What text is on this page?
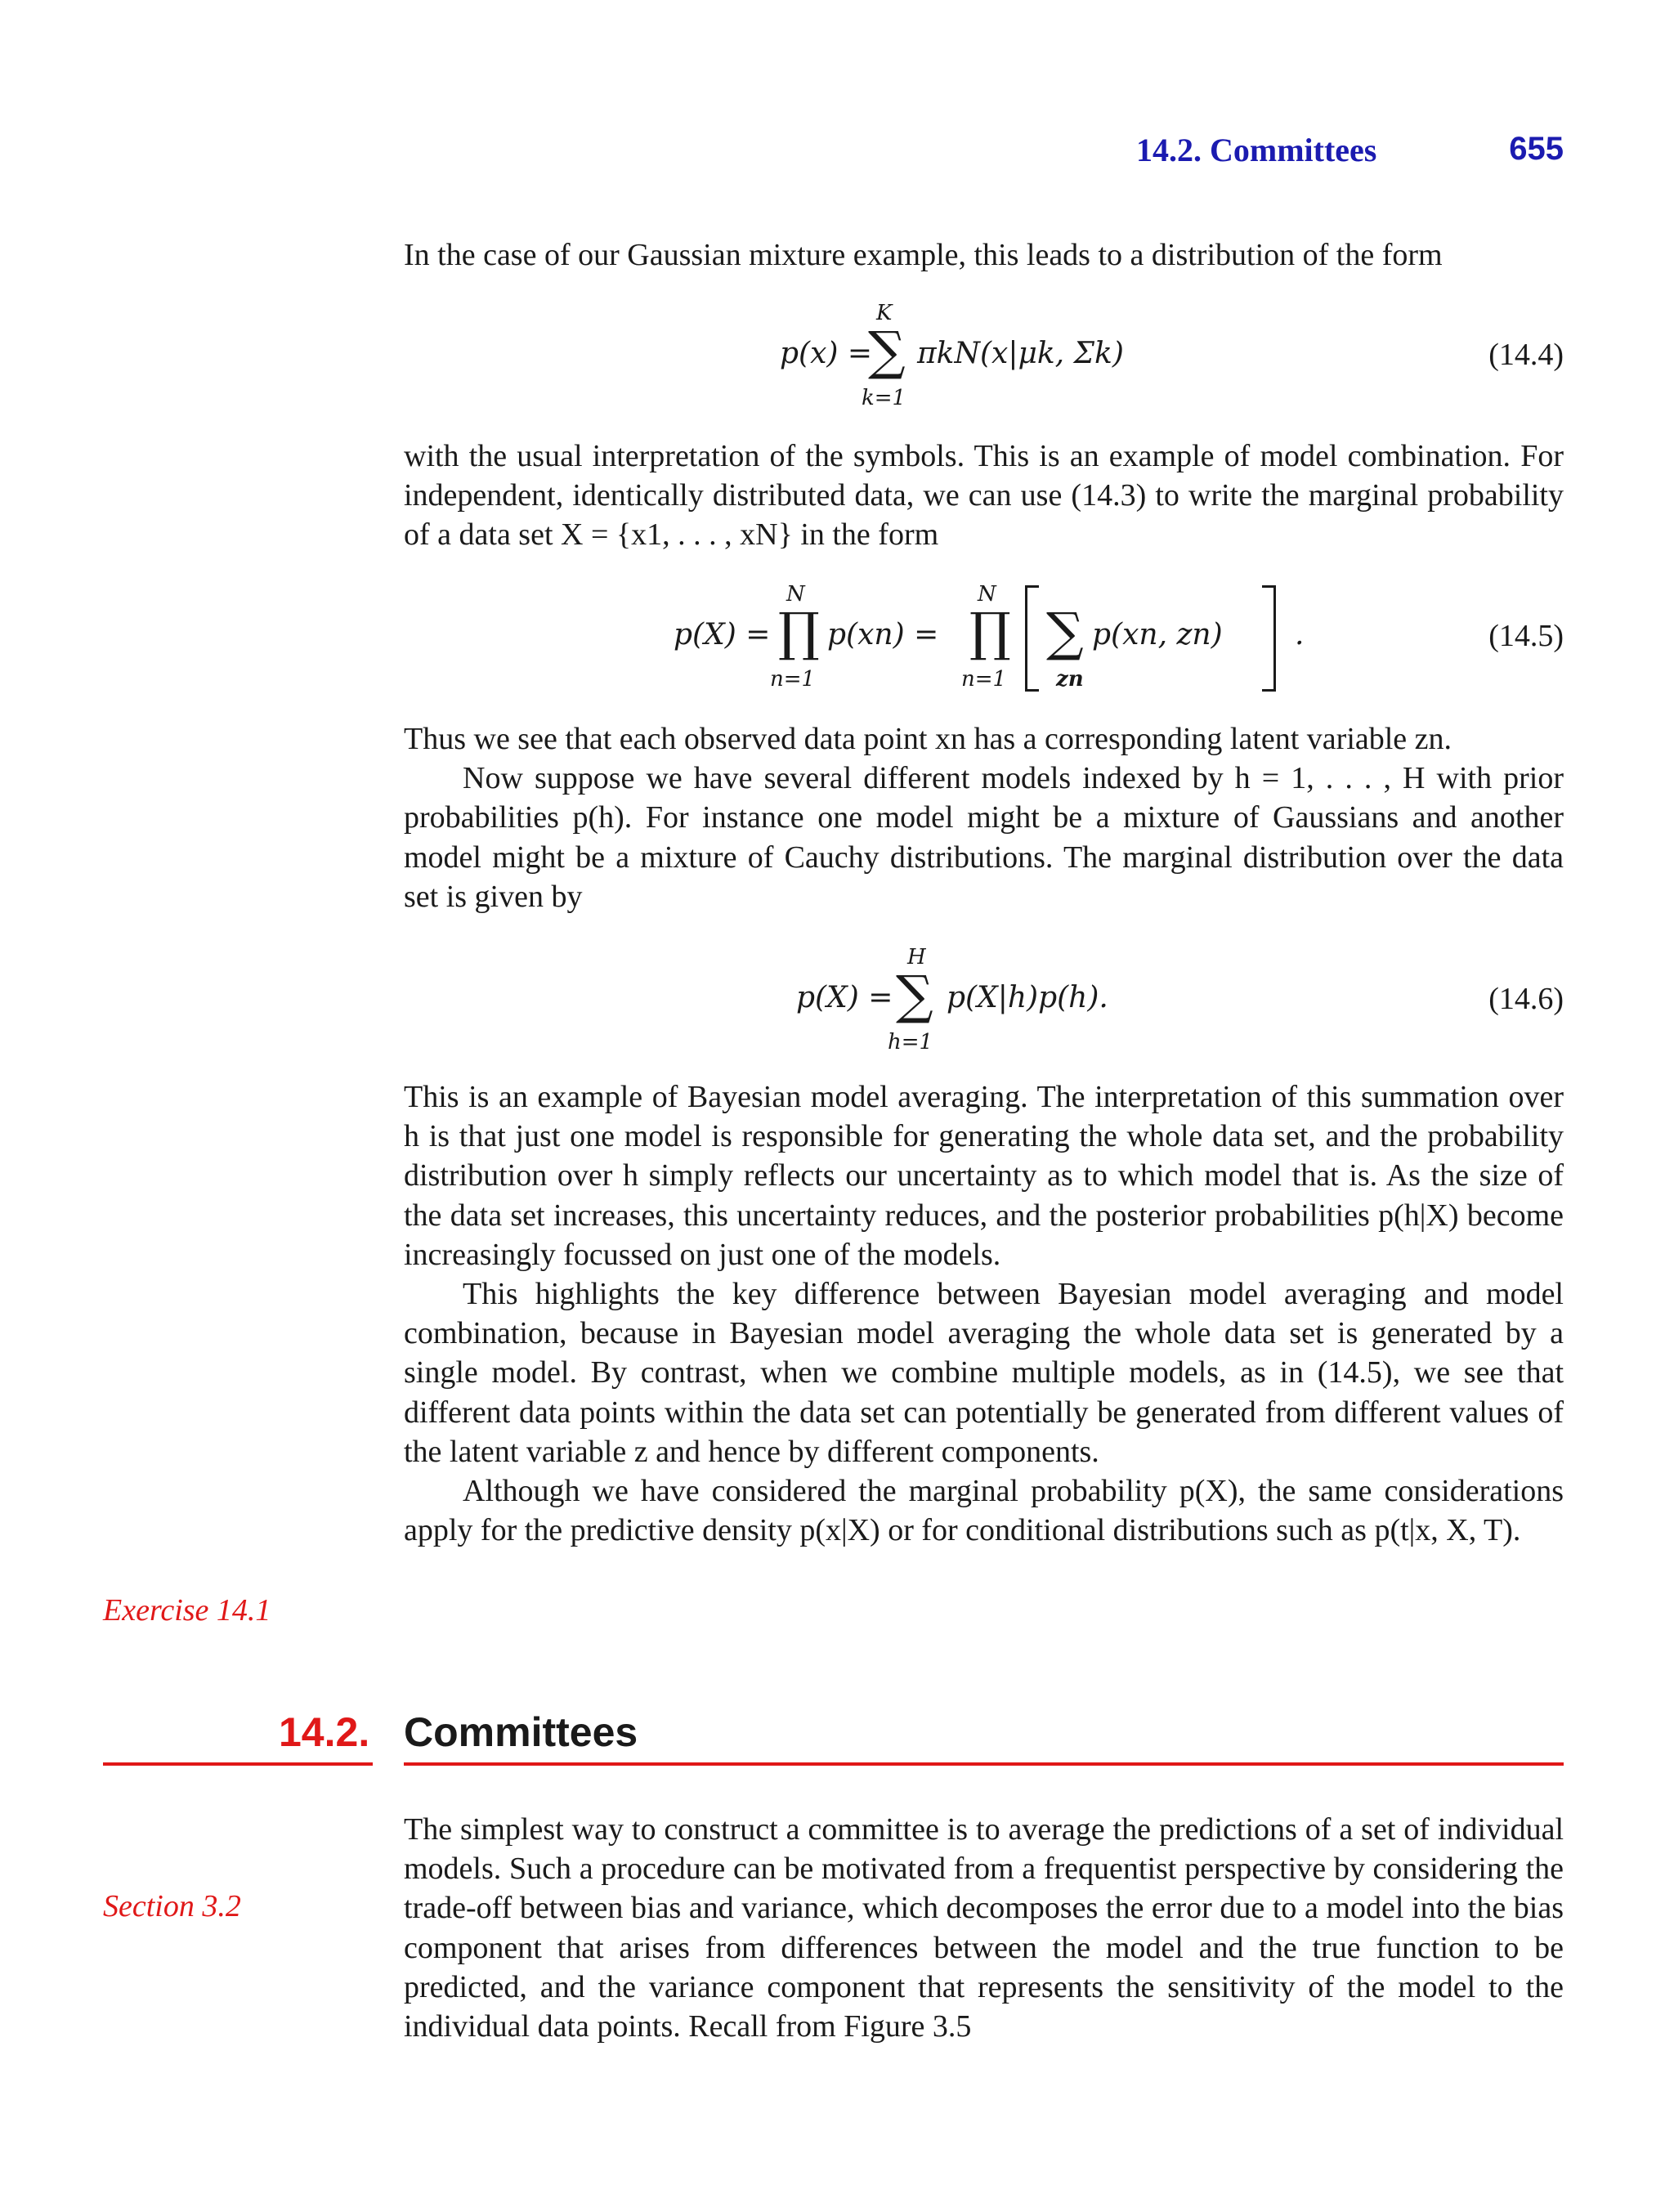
14.2. Committees	655

In the case of our Gaussian mixture example, this leads to a distribution of the form

p(x) =
K
∑
k=1
πkN(x|μk, Σk)	(14.4)

with the usual interpretation of the symbols. This is an example of model combination. For independent, identically distributed data, we can use (14.3) to write the marginal probability of a data set X = {x1, . . . , xN} in the form

p(X) =
N
∏
n=1
p(xn) =
N
∏
n=1
∑
zn
p(xn, zn) .	(14.5)

Thus we see that each observed data point xn has a corresponding latent variable zn.

Now suppose we have several different models indexed by h = 1, . . . , H with prior probabilities p(h). For instance one model might be a mixture of Gaussians and another model might be a mixture of Cauchy distributions. The marginal distribution over the data set is given by

p(X) =
H
∑
h=1
p(X|h)p(h).	(14.6)

This is an example of Bayesian model averaging. The interpretation of this summation over h is that just one model is responsible for generating the whole data set, and the probability distribution over h simply reflects our uncertainty as to which model that is. As the size of the data set increases, this uncertainty reduces, and the posterior probabilities p(h|X) become increasingly focussed on just one of the models.

This highlights the key difference between Bayesian model averaging and model combination, because in Bayesian model averaging the whole data set is generated by a single model. By contrast, when we combine multiple models, as in (14.5), we see that different data points within the data set can potentially be generated from different values of the latent variable z and hence by different components.

Although we have considered the marginal probability p(X), the same considerations apply for the predictive density p(x|X) or for conditional distributions such as p(t|x, X, T).

Exercise 14.1
14.2. Committees

The simplest way to construct a committee is to average the predictions of a set of individual models. Such a procedure can be motivated from a frequentist perspective by considering the trade-off between bias and variance, which decomposes the error due to a model into the bias component that arises from differences between the model and the true function to be predicted, and the variance component that represents the sensitivity of the model to the individual data points. Recall from Figure 3.5

Section 3.2
